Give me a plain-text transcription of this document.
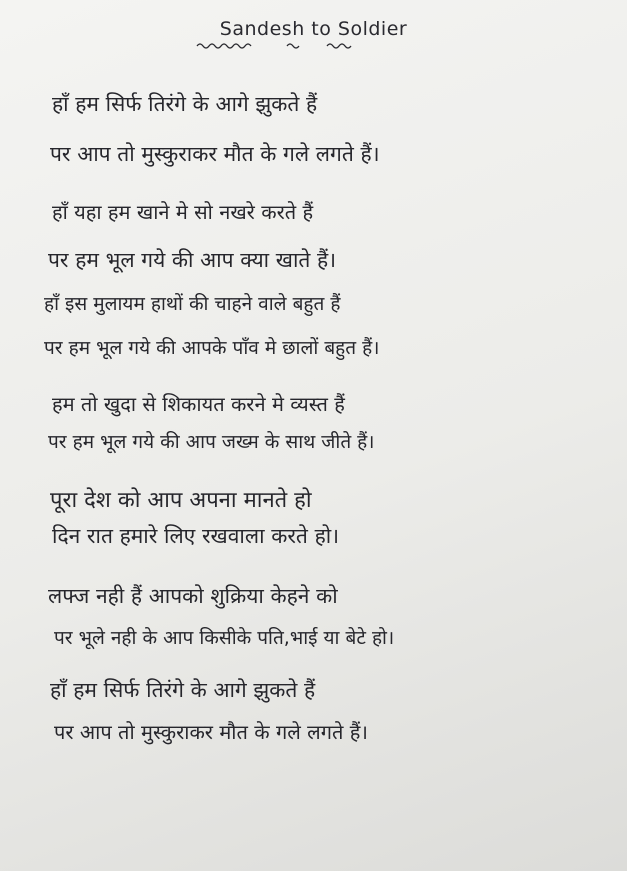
Sandesh to Soldier
हाँ हम सिर्फ तिरंगे के आगे झुकते हैं
पर आप तो मुस्कुराकर मौत के गले लगते हैं।
हाँ यहा हम खाने मे सो नखरे करते हैं
पर हम भूल गये की आप क्या खाते हैं।
हाँ इस मुलायम हाथों की चाहने वाले बहुत हैं
पर हम भूल गये की आपके पाँव मे छालों बहुत हैं।
हम तो खुदा से शिकायत करने मे व्यस्त हैं
पर हम भूल गये की आप जख्म के साथ जीते हैं।
पूरा देश को आप अपना मानते हो
दिन रात हमारे लिए रखवाला करते हो।
लफ्ज नही हैं आपको शुक्रिया केहने को
पर भूले नही के आप किसीके पति,भाई या बेटे हो।
हाँ हम सिर्फ तिरंगे के आगे झुकते हैं
पर आप तो मुस्कुराकर मौत के गले लगते हैं।
